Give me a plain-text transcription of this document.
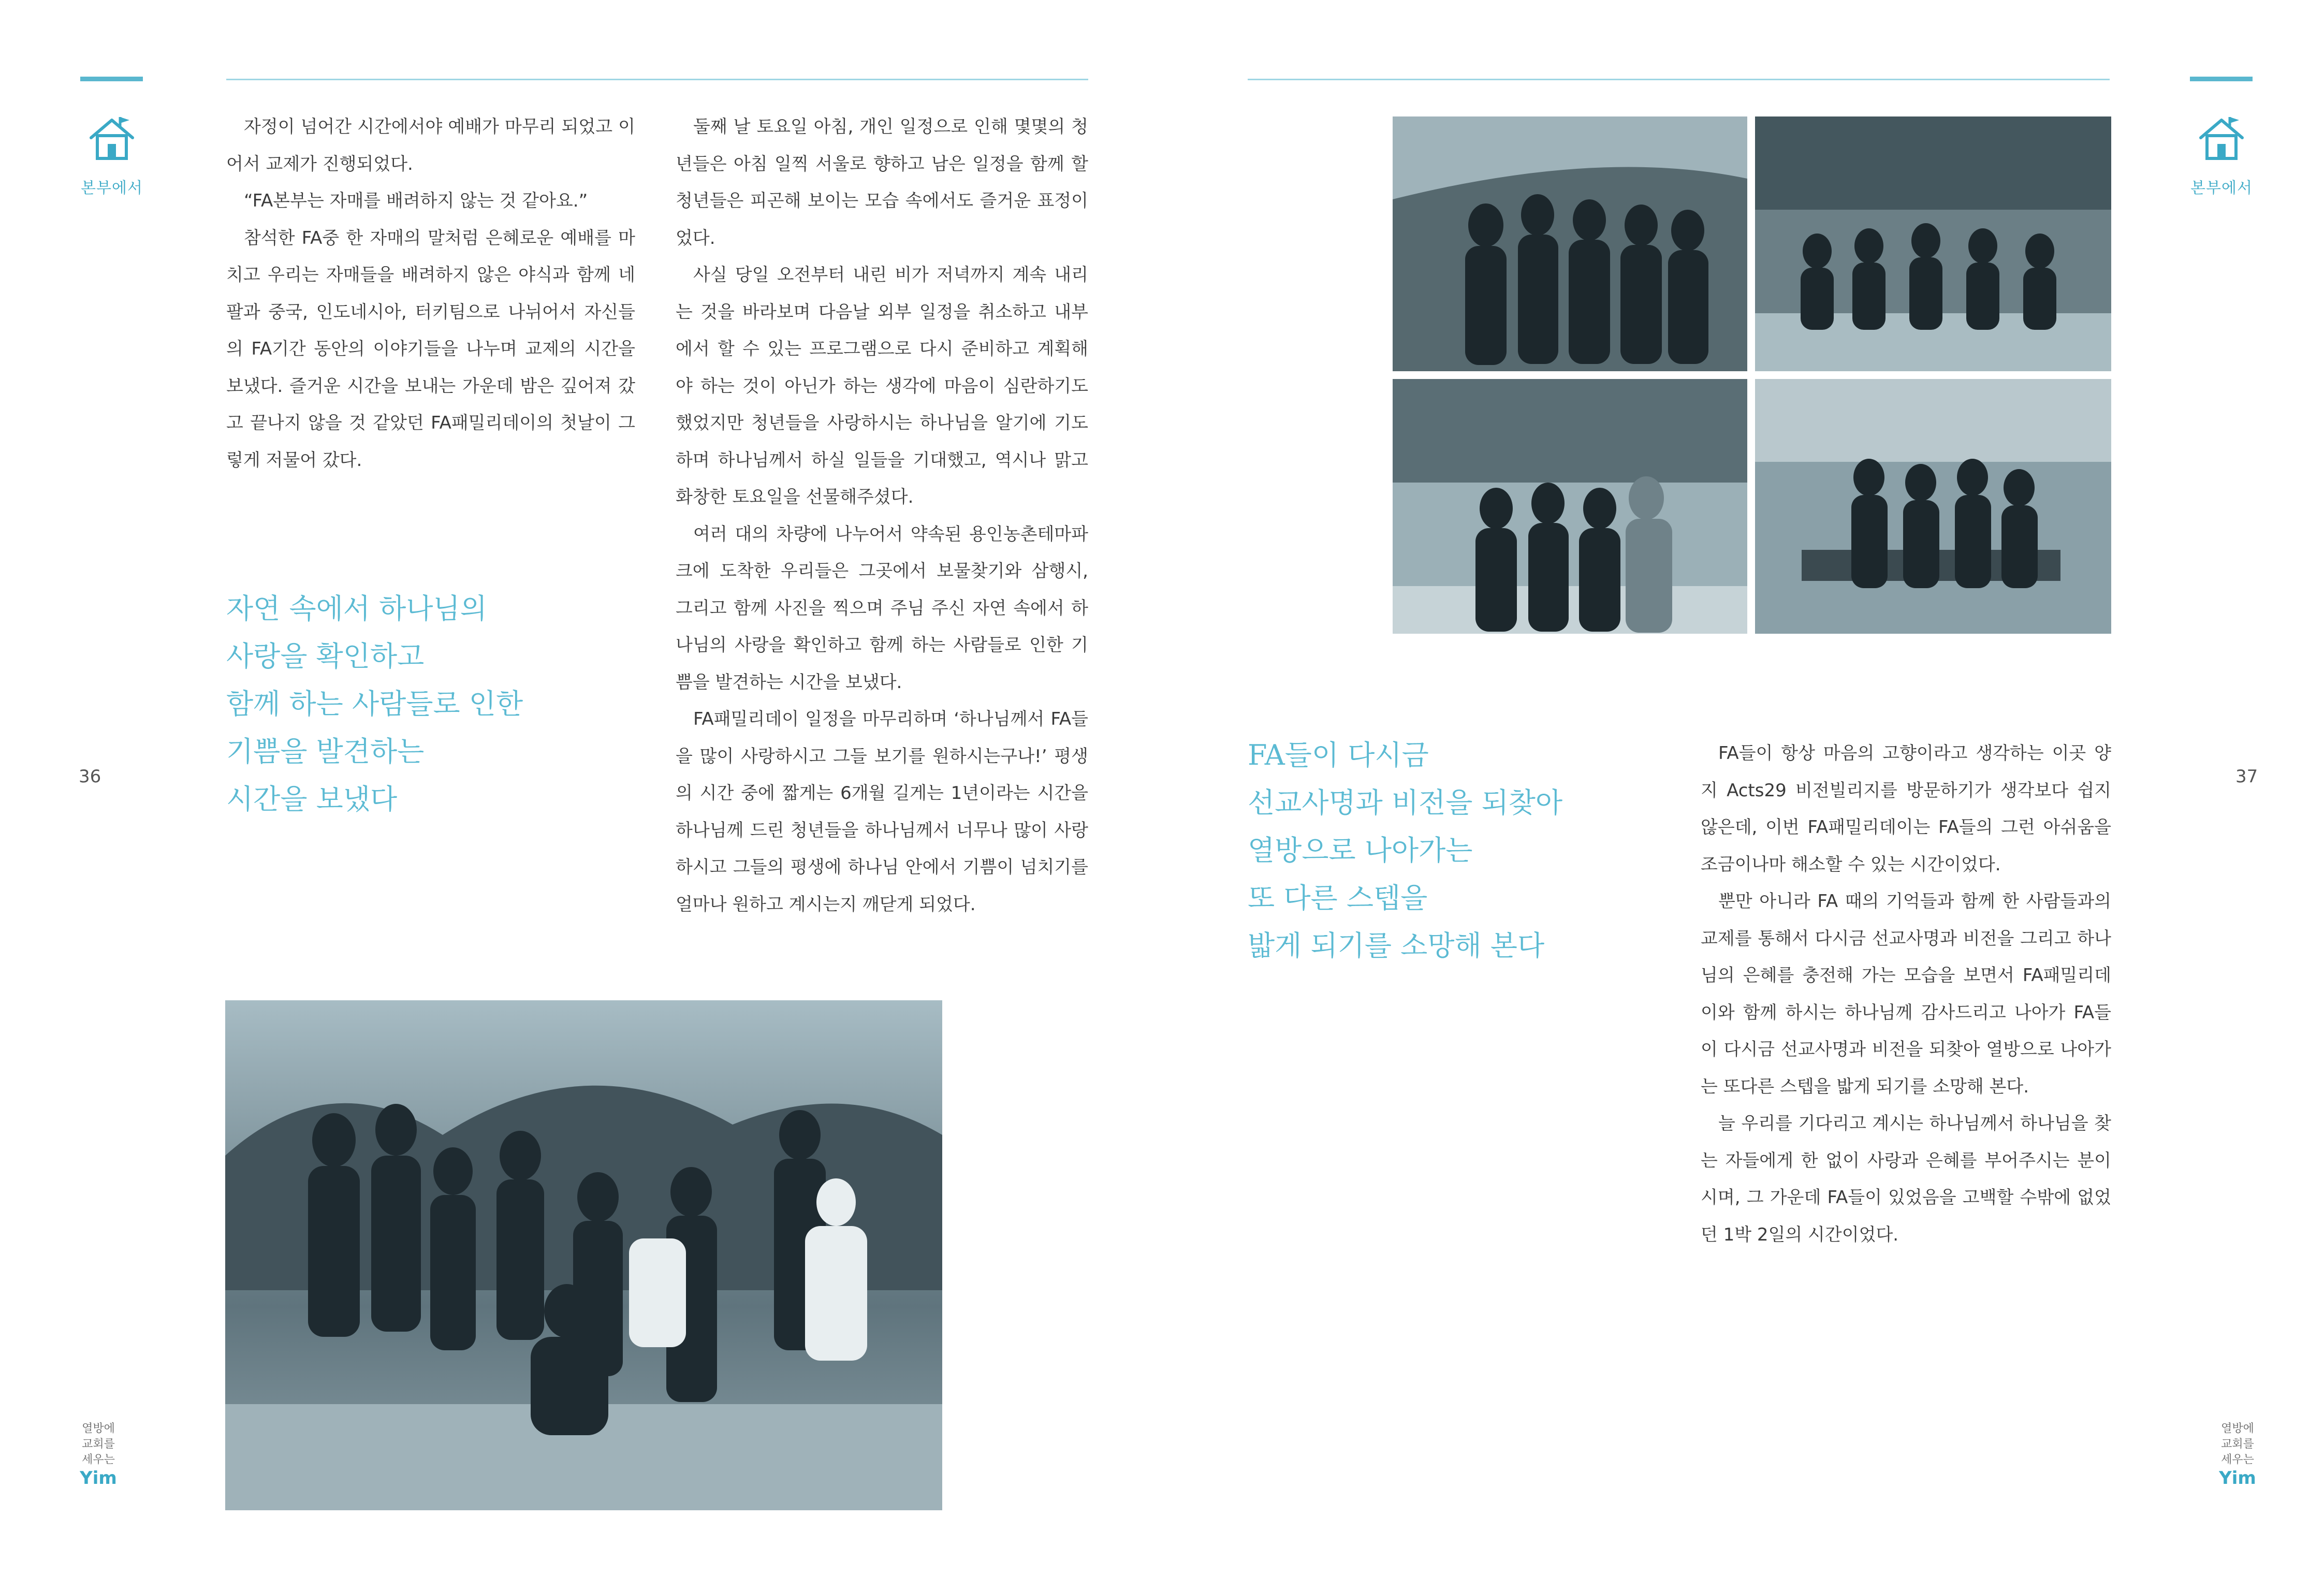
본부에서
36

자정이 넘어간 시간에서야 예배가 마무리 되었고 이어서 교제가 진행되었다.

“FA본부는 자매를 배려하지 않는 것 같아요.”

참석한 FA중 한 자매의 말처럼 은혜로운 예배를 마치고 우리는 자매들을 배려하지 않은 야식과 함께 네팔과 중국, 인도네시아, 터키팀으로 나뉘어서 자신들의 FA기간 동안의 이야기들을 나누며 교제의 시간을 보냈다. 즐거운 시간을 보내는 가운데 밤은 깊어져 갔고 끝나지 않을 것 같았던 FA패밀리데이의 첫날이 그렇게 저물어 갔다.

자연 속에서 하나님의
사랑을 확인하고
함께 하는 사람들로 인한
기쁨을 발견하는
시간을 보냈다

둘째 날 토요일 아침, 개인 일정으로 인해 몇몇의 청년들은 아침 일찍 서울로 향하고 남은 일정을 함께 할 청년들은 피곤해 보이는 모습 속에서도 즐거운 표정이었다.

사실 당일 오전부터 내린 비가 저녁까지 계속 내리는 것을 바라보며 다음날 외부 일정을 취소하고 내부에서 할 수 있는 프로그램으로 다시 준비하고 계획해야 하는 것이 아닌가 하는 생각에 마음이 심란하기도 했었지만 청년들을 사랑하시는 하나님을 알기에 기도하며 하나님께서 하실 일들을 기대했고, 역시나 맑고 화창한 토요일을 선물해주셨다.

여러 대의 차량에 나누어서 약속된 용인농촌테마파크에 도착한 우리들은 그곳에서 보물찾기와 삼행시, 그리고 함께 사진을 찍으며 주님 주신 자연 속에서 하나님의 사랑을 확인하고 함께 하는 사람들로 인한 기쁨을 발견하는 시간을 보냈다.

FA패밀리데이 일정을 마무리하며 ‘하나님께서 FA들을 많이 사랑하시고 그들 보기를 원하시는구나!’ 평생의 시간 중에 짧게는 6개월 길게는 1년이라는 시간을 하나님께 드린 청년들을 하나님께서 너무나 많이 사랑하시고 그들의 평생에 하나님 안에서 기쁨이 넘치기를 얼마나 원하고 계시는지 깨닫게 되었다.

열방에
교회를
세우는
Yim
본부에서
37
FA들이 다시금
선교사명과 비전을 되찾아
열방으로 나아가는
또 다른 스텝을
밟게 되기를 소망해 본다

FA들이 항상 마음의 고향이라고 생각하는 이곳 양지 Acts29 비전빌리지를 방문하기가 생각보다 쉽지 않은데, 이번 FA패밀리데이는 FA들의 그런 아쉬움을 조금이나마 해소할 수 있는 시간이었다.

뿐만 아니라 FA 때의 기억들과 함께 한 사람들과의 교제를 통해서 다시금 선교사명과 비전을 그리고 하나님의 은혜를 충전해 가는 모습을 보면서 FA패밀리데이와 함께 하시는 하나님께 감사드리고 나아가 FA들이 다시금 선교사명과 비전을 되찾아 열방으로 나아가는 또다른 스텝을 밟게 되기를 소망해 본다.

늘 우리를 기다리고 계시는 하나님께서 하나님을 찾는 자들에게 한 없이 사랑과 은혜를 부어주시는 분이시며, 그 가운데 FA들이 있었음을 고백할 수밖에 없었던 1박 2일의 시간이었다.

열방에
교회를
세우는
Yim
